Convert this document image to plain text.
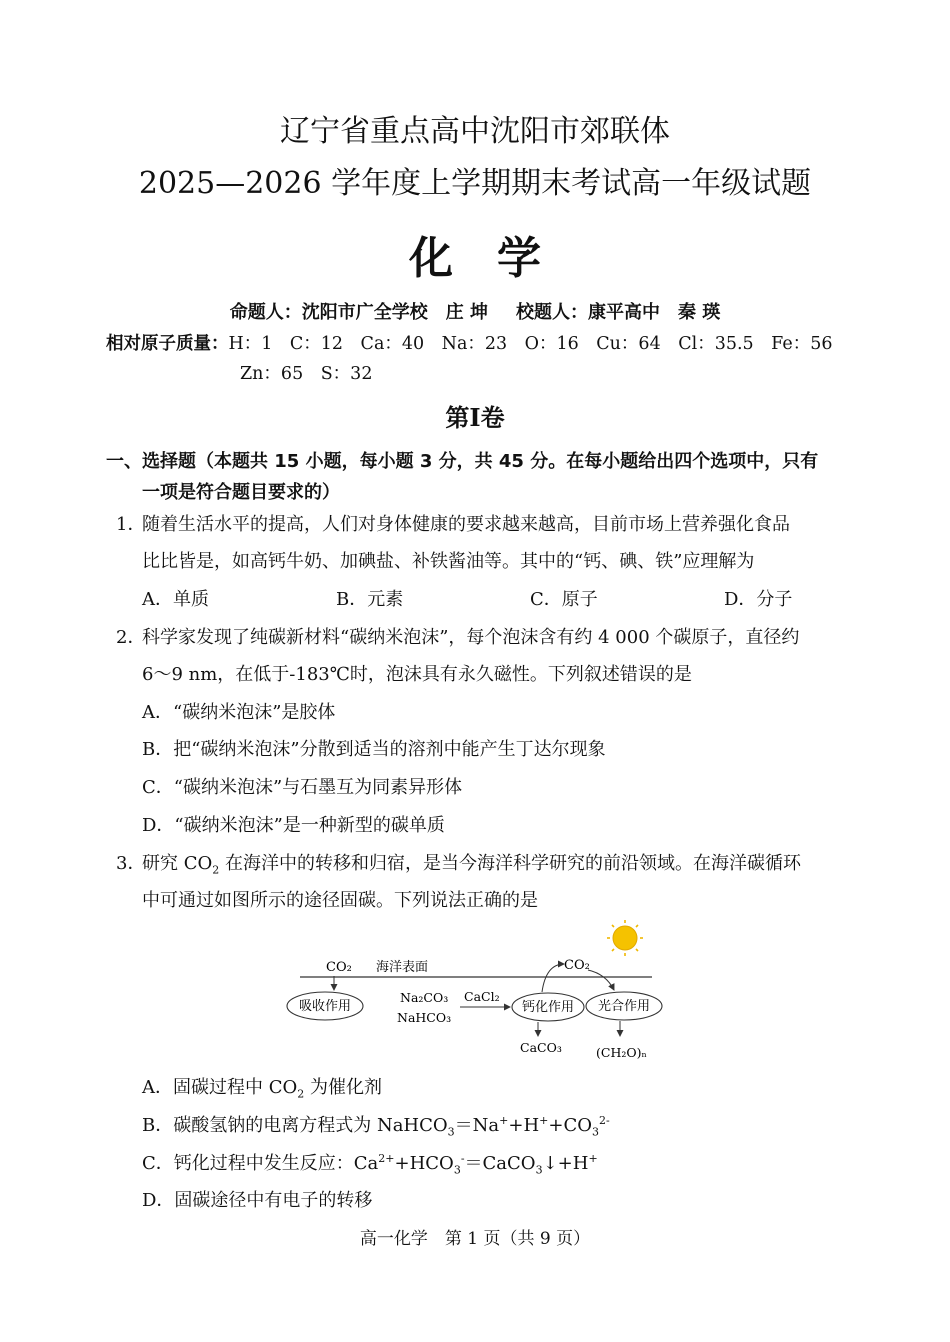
辽宁省重点高中沈阳市郊联体
2025—2026 学年度上学期期末考试高一年级试题
化学
命题人：沈阳市广全学校　庄 坤 校题人：康平高中　秦 瑛
相对原子质量：H：1　C：12　Ca：40　Na：23　O：16　Cu：64　Cl：35.5　Fe：56
Zn：65　S：32
第Ⅰ卷
一、选择题（本题共 15 小题，每小题 3 分，共 45 分。在每小题给出四个选项中，只有
一项是符合题目要求的）
1．
随着生活水平的提高，人们对身体健康的要求越来越高，目前市场上营养强化食品
比比皆是，如高钙牛奶、加碘盐、补铁酱油等。其中的“钙、碘、铁”应理解为
A．单质	B．元素	C．原子	D．分子
2．
科学家发现了纯碳新材料“碳纳米泡沫”，每个泡沫含有约 4 000 个碳原子，直径约
6～9 nm，在低于-183℃时，泡沫具有永久磁性。下列叙述错误的是
A．“碳纳米泡沫”是胶体
B．把“碳纳米泡沫”分散到适当的溶剂中能产生丁达尔现象
C．“碳纳米泡沫”与石墨互为同素异形体
D．“碳纳米泡沫”是一种新型的碳单质
3．
研究 $CO_2$ 在海洋中的转移和归宿，是当今海洋科学研究的前沿领域。在海洋碳循环
中可通过如图所示的途径固碳。下列说法正确的是
CO₂ 海洋表面
吸收作用
Na₂CO₃
NaHCO₃
CaCl₂
钙化作用 光合作用
CO₂
CaCO₃	(CH₂O)ₙ
A．固碳过程中 $CO_2$ 为催化剂
B．碳酸氢钠的电离方程式为 $NaHCO_3=Na^++H^++CO_3^{2-}$
C．钙化过程中发生反应：$Ca^{2+}+HCO_3^-=CaCO_3↓+H^+$
D．固碳途径中有电子的转移
高一化学　第 1 页（共 9 页）
